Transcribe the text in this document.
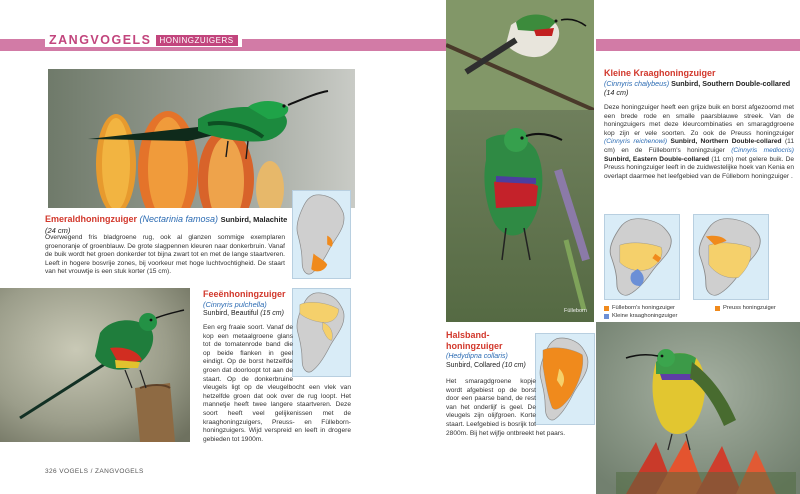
ZANGVOGELS	HONINGZUIGERS
Emeraldhoningzuiger (Nectarinia famosa) Sunbird, Malachite (24 cm)
Overwegend fris bladgroene rug, ook al glanzen sommige exemplaren groenoranje of groenblauw. De grote slagpennen kleuren naar donkerbruin. Vanaf de buik wordt het groen donkerder tot bijna zwart tot en met de lange staartveren. Leeft in hogere bosvrije zones, bij voorkeur met hoge luchtvochtigheid. De staart van het vrouwtje is een stuk korter (15 cm).
Feeënhoningzuiger
(Cinnyris pulchella)
Sunbird, Beautiful (15 cm)
Een erg fraaie soort. Vanaf de kop een metaalgroene glans tot de tomatenrode band die op beide flanken in geel eindigt. Op de borst hetzelfde groen dat doorloopt tot aan de staart. Op de donkerbruine vleugels ligt op de vleugelbocht een vlek van hetzelfde groen dat ook over de rug loopt. Het mannetje heeft twee langere staartveren. Deze soort heeft veel gelijkenissen met de kraaghoningzuigers, Preuss- en Fülleborn-honingzuigers. Wijd verspreid en leeft in drogere gebieden tot 1900m.
326 VOGELS / ZANGVOGELS
Kleine Kraaghoningzuiger
(Cinnyris chalybeus) Sunbird, Southern Double-collared (14 cm)
Deze honingzuiger heeft een grijze buik en borst afgezoomd met een brede rode en smalle paarsblauwe streek. Van de honingzuigers met deze kleurcombinaties en smaragdgroene kop zijn er vele soorten. Zo ook de Preuss honingzuiger (Cinnyris reichenowi) Sunbird, Northern Double-collared (11 cm) en de Fülleborn's honingzuiger (Cinnyris mediocris) Sunbird, Eastern Double-collared (11 cm) met gelere buik. De Preuss honingzuiger leeft in de zuidwestelijke hoek van Kenia en overlapt daarmee het leefgebied van de Fülleborn honingzuiger .
Fülleborn	Fülleborn's honingzuiger	Preuss honingzuiger
Kleine kraaghoningzuiger
Halsband-honingzuiger
(Hedydipna collaris)
Sunbird, Collared (10 cm)
Het smaragdgroene kopje wordt afgebiest op de borst door een paarse band, de rest van het onderlijf is geel. De vleugels zijn olijfgroen. Korte staart. Leefgebied is bosrijk tot 2800m. Bij het wijfje ontbreekt het paars.
